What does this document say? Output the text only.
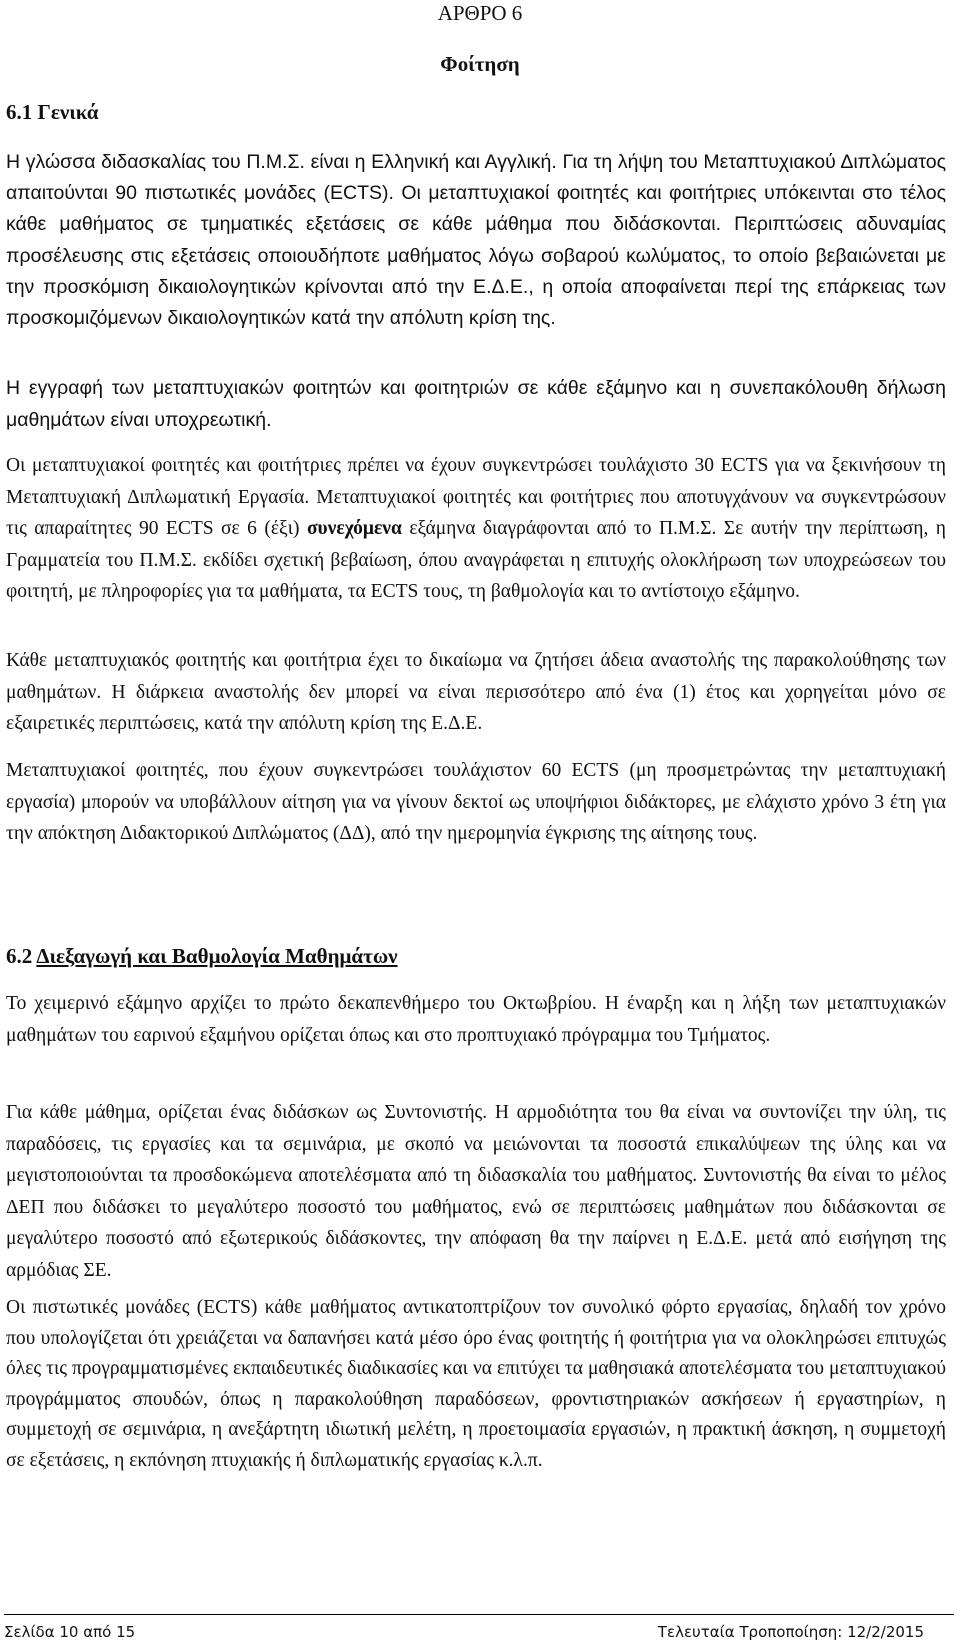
ΑΡΘΡΟ 6
Φοίτηση
6.1 Γενικά

Η γλώσσα διδασκαλίας του Π.Μ.Σ. είναι η Ελληνική και Αγγλική. Για τη λήψη του Μεταπτυχιακού Διπλώματος απαιτούνται 90 πιστωτικές μονάδες (ECTS). Οι μεταπτυχιακοί φοιτητές και φοιτήτριες υπόκεινται στο τέλος κάθε μαθήματος σε τμηματικές εξετάσεις σε κάθε μάθημα που διδάσκονται. Περιπτώσεις αδυναμίας προσέλευσης στις εξετάσεις οποιουδήποτε μαθήματος λόγω σοβαρού κωλύματος, το οποίο βεβαιώνεται με την προσκόμιση δικαιολογητικών κρίνονται από την Ε.Δ.Ε., η οποία αποφαίνεται περί της επάρκειας των προσκομιζόμενων δικαιολογητικών κατά την απόλυτη κρίση της.

Η εγγραφή των μεταπτυχιακών φοιτητών και φοιτητριών σε κάθε εξάμηνο και η συνεπακόλουθη δήλωση μαθημάτων είναι υποχρεωτική.

Οι μεταπτυχιακοί φοιτητές και φοιτήτριες πρέπει να έχουν συγκεντρώσει τουλάχιστο 30 ECTS για να ξεκινήσουν τη Μεταπτυχιακή Διπλωματική Εργασία. Μεταπτυχιακοί φοιτητές και φοιτήτριες που αποτυγχάνουν να συγκεντρώσουν τις απαραίτητες 90 ECTS σε 6 (έξι) συνεχόμενα εξάμηνα διαγράφονται από το Π.Μ.Σ. Σε αυτήν την περίπτωση, η Γραμματεία του Π.Μ.Σ. εκδίδει σχετική βεβαίωση, όπου αναγράφεται η επιτυχής ολοκλήρωση των υποχρεώσεων του φοιτητή, με πληροφορίες για τα μαθήματα, τα ECTS τους, τη βαθμολογία και το αντίστοιχο εξάμηνο.

Κάθε μεταπτυχιακός φοιτητής και φοιτήτρια έχει το δικαίωμα να ζητήσει άδεια αναστολής της παρακολούθησης των μαθημάτων. Η διάρκεια αναστολής δεν μπορεί να είναι περισσότερο από ένα (1) έτος και χορηγείται μόνο σε εξαιρετικές περιπτώσεις, κατά την απόλυτη κρίση της Ε.Δ.Ε.

Μεταπτυχιακοί φοιτητές, που έχουν συγκεντρώσει τουλάχιστον 60 ECTS (μη προσμετρώντας την μεταπτυχιακή εργασία) μπορούν να υποβάλλουν αίτηση για να γίνουν δεκτοί ως υποψήφιοι διδάκτορες, με ελάχιστο χρόνο 3 έτη για την απόκτηση Διδακτορικού Διπλώματος (ΔΔ), από την ημερομηνία έγκρισης της αίτησης τους.

6.2 Διεξαγωγή και Βαθμολογία Μαθημάτων

Το χειμερινό εξάμηνο αρχίζει το πρώτο δεκαπενθήμερο του Οκτωβρίου. Η έναρξη και η λήξη των μεταπτυχιακών μαθημάτων του εαρινού εξαμήνου ορίζεται όπως και στο προπτυχιακό πρόγραμμα του Τμήματος.

Για κάθε μάθημα, ορίζεται ένας διδάσκων ως Συντονιστής. Η αρμοδιότητα του θα είναι να συντονίζει την ύλη, τις παραδόσεις, τις εργασίες και τα σεμινάρια, με σκοπό να μειώνονται τα ποσοστά επικαλύψεων της ύλης και να μεγιστοποιούνται τα προσδοκώμενα αποτελέσματα από τη διδασκαλία του μαθήματος. Συντονιστής θα είναι το μέλος ΔΕΠ που διδάσκει το μεγαλύτερο ποσοστό του μαθήματος, ενώ σε περιπτώσεις μαθημάτων που διδάσκονται σε μεγαλύτερο ποσοστό από εξωτερικούς διδάσκοντες, την απόφαση θα την παίρνει η Ε.Δ.Ε. μετά από εισήγηση της αρμόδιας ΣΕ.

Οι πιστωτικές μονάδες (ECTS) κάθε μαθήματος αντικατοπτρίζουν τον συνολικό φόρτο εργασίας, δηλαδή τον χρόνο που υπολογίζεται ότι χρειάζεται να δαπανήσει κατά μέσο όρο ένας φοιτητής ή φοιτήτρια για να ολοκληρώσει επιτυχώς όλες τις προγραμματισμένες εκπαιδευτικές διαδικασίες και να επιτύχει τα μαθησιακά αποτελέσματα του μεταπτυχιακού προγράμματος σπουδών, όπως η παρακολούθηση παραδόσεων, φροντιστηριακών ασκήσεων ή εργαστηρίων, η συμμετοχή σε σεμινάρια, η ανεξάρτητη ιδιωτική μελέτη, η προετοιμασία εργασιών, η πρακτική άσκηση, η συμμετοχή σε εξετάσεις, η εκπόνηση πτυχιακής ή διπλωματικής εργασίας κ.λ.π.

Σελίδα 10 από 15	Τελευταία Τροποποίηση: 12/2/2015
